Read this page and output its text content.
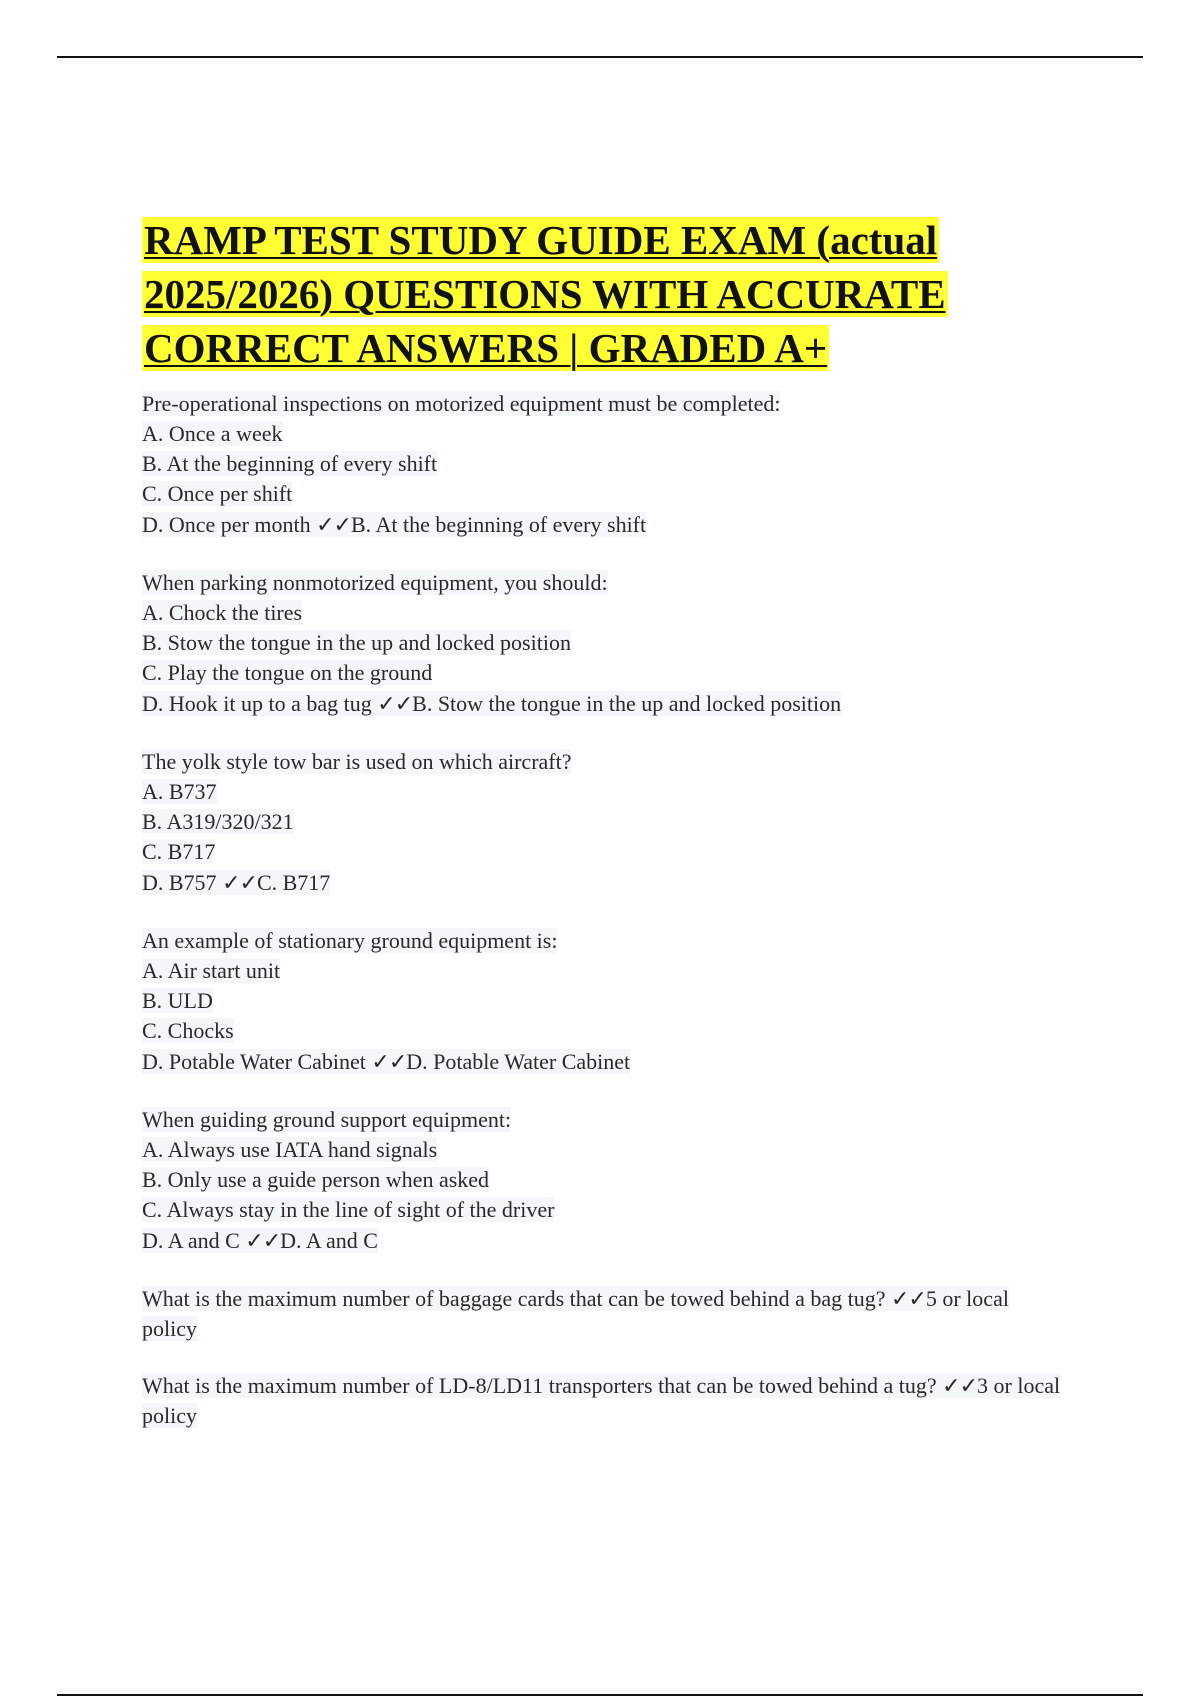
RAMP TEST STUDY GUIDE EXAM (actual
2025/2026) QUESTIONS WITH ACCURATE
CORRECT ANSWERS | GRADED A+
Pre-operational inspections on motorized equipment must be completed:
A. Once a week
B. At the beginning of every shift
C. Once per shift
D. Once per month ✓✓B. At the beginning of every shift
When parking nonmotorized equipment, you should:
A. Chock the tires
B. Stow the tongue in the up and locked position
C. Play the tongue on the ground
D. Hook it up to a bag tug ✓✓B. Stow the tongue in the up and locked position
The yolk style tow bar is used on which aircraft?
A. B737
B. A319/320/321
C. B717
D. B757 ✓✓C. B717
An example of stationary ground equipment is:
A. Air start unit
B. ULD
C. Chocks
D. Potable Water Cabinet ✓✓D. Potable Water Cabinet
When guiding ground support equipment:
A. Always use IATA hand signals
B. Only use a guide person when asked
C. Always stay in the line of sight of the driver
D. A and C ✓✓D. A and C
What is the maximum number of baggage cards that can be towed behind a bag tug? ✓✓5 or local policy
What is the maximum number of LD-8/LD11 transporters that can be towed behind a tug? ✓✓3 or local policy
